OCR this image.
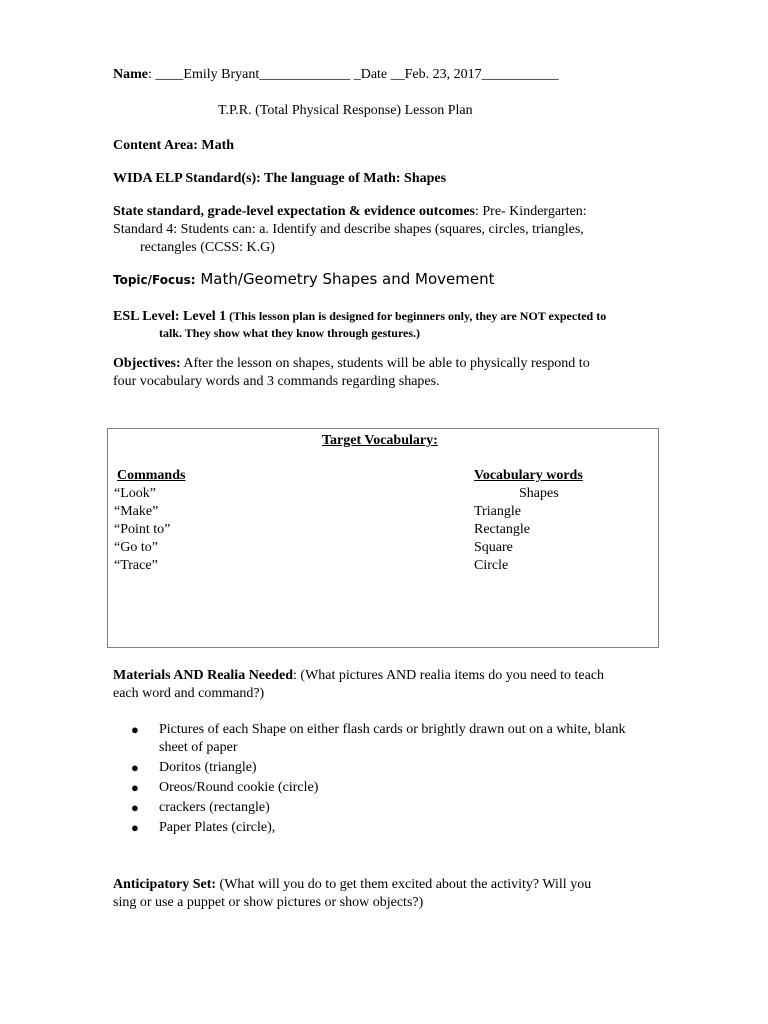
Name: ____Emily Bryant_____________ _Date __Feb. 23, 2017___________
T.P.R. (Total Physical Response) Lesson Plan
Content Area: Math
WIDA ELP Standard(s): The language of Math: Shapes
State standard, grade-level expectation & evidence outcomes: Pre- Kindergarten:
Standard 4: Students can: a. Identify and describe shapes (squares, circles, triangles,
rectangles (CCSS: K.G)
Topic/Focus: Math/Geometry Shapes and Movement
ESL Level: Level 1 (This lesson plan is designed for beginners only, they are NOT expected to
talk. They show what they know through gestures.)
Objectives: After the lesson on shapes, students will be able to physically respond to
four vocabulary words and 3 commands regarding shapes.
Target Vocabulary:
Commands
“Look”
“Make”
“Point to”
“Go to”
“Trace”
Vocabulary words
Shapes
Triangle
Rectangle
Square
Circle
Materials AND Realia Needed: (What pictures AND realia items do you need to teach
each word and command?)
● Pictures of each Shape on either flash cards or brightly drawn out on a white, blank sheet of paper
● Doritos (triangle)
● Oreos/Round cookie (circle)
● crackers (rectangle)
● Paper Plates (circle),
Anticipatory Set: (What will you do to get them excited about the activity? Will you
sing or use a puppet or show pictures or show objects?)
